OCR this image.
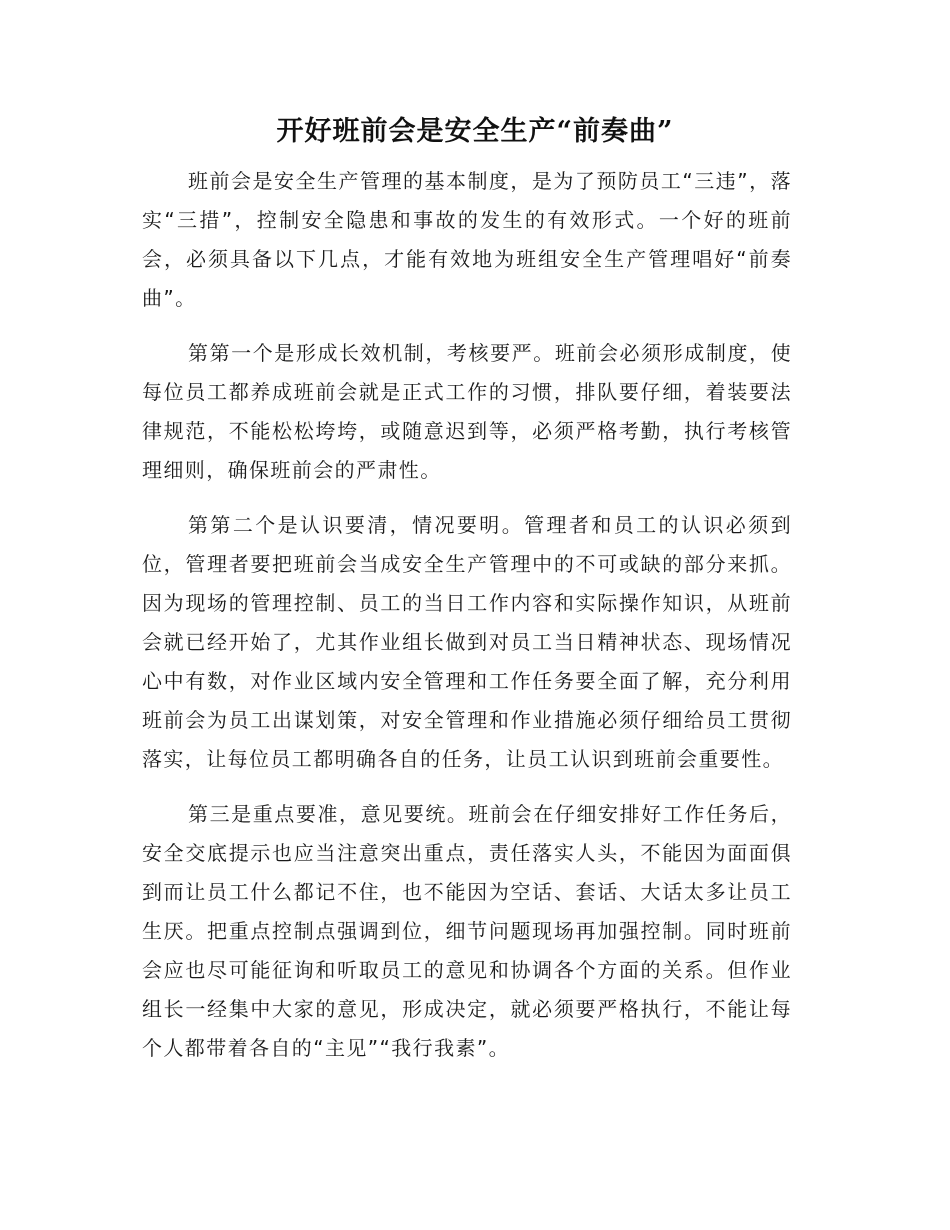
开好班前会是安全生产“前奏曲”

班前会是安全生产管理的基本制度，是为了预防员工“三违”，落实“三措”，控制安全隐患和事故的发生的有效形式。一个好的班前会，必须具备以下几点，才能有效地为班组安全生产管理唱好“前奏曲”。

第第一个是形成长效机制，考核要严。班前会必须形成制度，使每位员工都养成班前会就是正式工作的习惯，排队要仔细，着装要法律规范，不能松松垮垮，或随意迟到等，必须严格考勤，执行考核管理细则，确保班前会的严肃性。

第第二个是认识要清，情况要明。管理者和员工的认识必须到位，管理者要把班前会当成安全生产管理中的不可或缺的部分来抓。因为现场的管理控制、员工的当日工作内容和实际操作知识，从班前会就已经开始了，尤其作业组长做到对员工当日精神状态、现场情况心中有数，对作业区域内安全管理和工作任务要全面了解，充分利用班前会为员工出谋划策，对安全管理和作业措施必须仔细给员工贯彻落实，让每位员工都明确各自的任务，让员工认识到班前会重要性。

第三是重点要准，意见要统。班前会在仔细安排好工作任务后，安全交底提示也应当注意突出重点，责任落实人头，不能因为面面俱到而让员工什么都记不住，也不能因为空话、套话、大话太多让员工生厌。把重点控制点强调到位，细节问题现场再加强控制。同时班前会应也尽可能征询和听取员工的意见和协调各个方面的关系。但作业组长一经集中大家的意见，形成决定，就必须要严格执行，不能让每个人都带着各自的“主见”“我行我素”。
